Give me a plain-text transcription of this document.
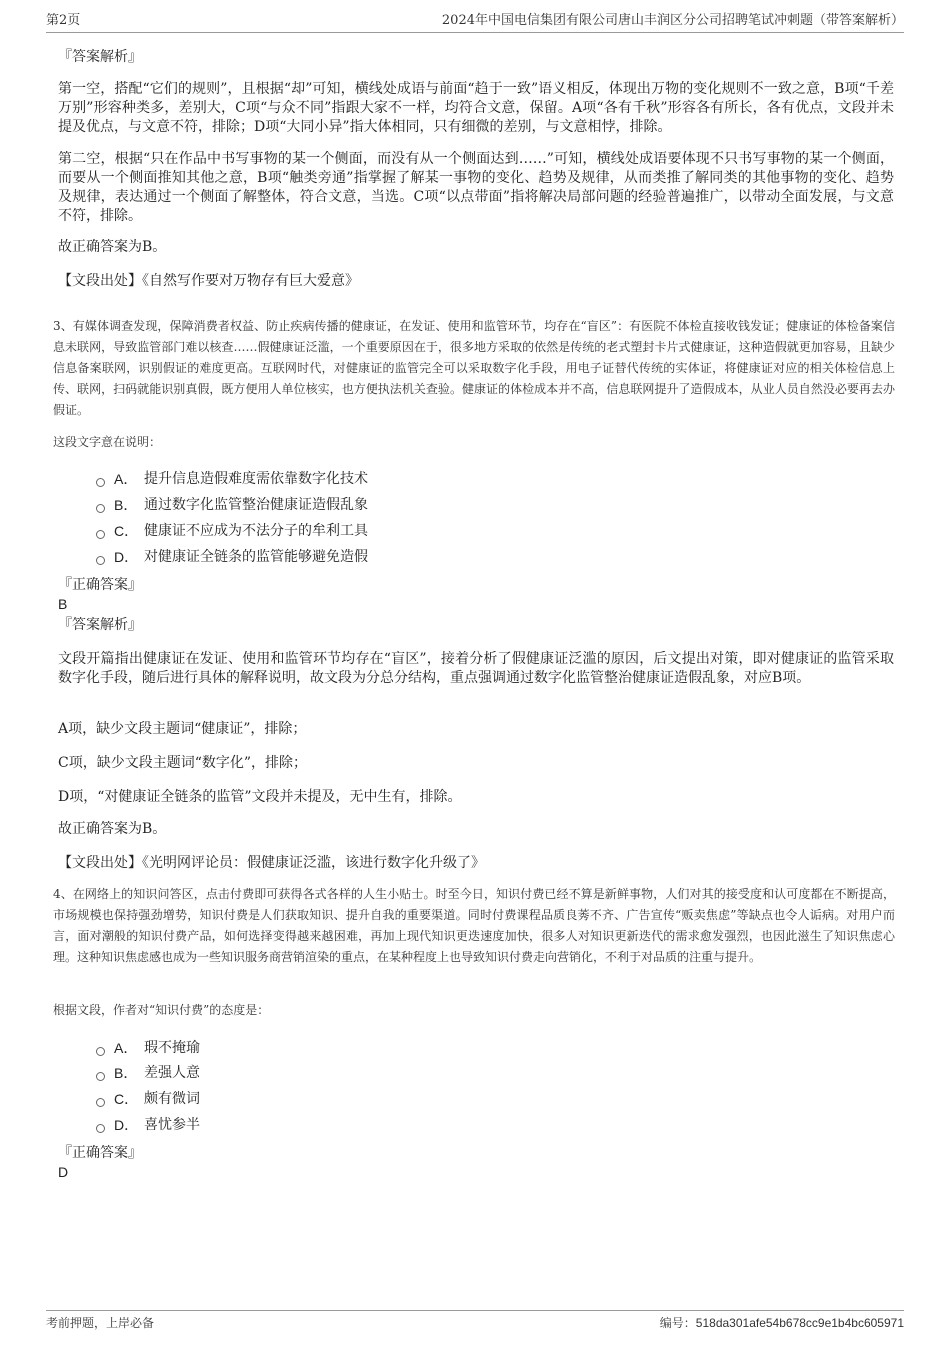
第2页	2024年中国电信集团有限公司唐山丰润区分公司招聘笔试冲刺题（带答案解析）
『答案解析』
第一空，搭配“它们的规则”，且根据“却”可知，横线处成语与前面“趋于一致”语义相反，体现出万物的变化规则不一致之意，B项“千差万别”形容种类多，差别大，C项“与众不同”指跟大家不一样，均符合文意，保留。A项“各有千秋”形容各有所长，各有优点，文段并未提及优点，与文意不符，排除；D项“大同小异”指大体相同，只有细微的差别，与文意相悖，排除。
第二空，根据“只在作品中书写事物的某一个侧面，而没有从一个侧面达到……”可知，横线处成语要体现不只书写事物的某一个侧面，而要从一个侧面推知其他之意，B项“触类旁通”指掌握了解某一事物的变化、趋势及规律，从而类推了解同类的其他事物的变化、趋势及规律，表达通过一个侧面了解整体，符合文意，当选。C项“以点带面”指将解决局部问题的经验普遍推广，以带动全面发展，与文意不符，排除。
故正确答案为B。
【文段出处】《自然写作要对万物存有巨大爱意》
3、有媒体调查发现，保障消费者权益、防止疾病传播的健康证，在发证、使用和监管环节，均存在“盲区”：有医院不体检直接收钱发证；健康证的体检备案信息未联网，导致监管部门难以核查……假健康证泛滥，一个重要原因在于，很多地方采取的依然是传统的老式塑封卡片式健康证，这种造假就更加容易，且缺少信息备案联网，识别假证的难度更高。互联网时代，对健康证的监管完全可以采取数字化手段，用电子证替代传统的实体证，将健康证对应的相关体检信息上传、联网，扫码就能识别真假，既方便用人单位核实，也方便执法机关查验。健康证的体检成本并不高，信息联网提升了造假成本，从业人员自然没必要再去办假证。
这段文字意在说明：
A． 提升信息造假难度需依靠数字化技术
B． 通过数字化监管整治健康证造假乱象
C． 健康证不应成为不法分子的牟利工具
D． 对健康证全链条的监管能够避免造假
『正确答案』
B
『答案解析』
文段开篇指出健康证在发证、使用和监管环节均存在“盲区”，接着分析了假健康证泛滥的原因，后文提出对策，即对健康证的监管采取数字化手段，随后进行具体的解释说明，故文段为分总分结构，重点强调通过数字化监管整治健康证造假乱象，对应B项。
A项，缺少文段主题词“健康证”，排除；
C项，缺少文段主题词“数字化”，排除；
D项，“对健康证全链条的监管”文段并未提及，无中生有，排除。
故正确答案为B。
【文段出处】《光明网评论员：假健康证泛滥，该进行数字化升级了》
4、在网络上的知识问答区，点击付费即可获得各式各样的人生小贴士。时至今日，知识付费已经不算是新鲜事物，人们对其的接受度和认可度都在不断提高，市场规模也保持强劲增势，知识付费是人们获取知识、提升自我的重要渠道。同时付费课程品质良莠不齐、广告宣传“贩卖焦虑”等缺点也令人诟病。对用户而言，面对潮般的知识付费产品，如何选择变得越来越困难，再加上现代知识更迭速度加快，很多人对知识更新迭代的需求愈发强烈，也因此滋生了知识焦虑心理。这种知识焦虑感也成为一些知识服务商营销渲染的重点，在某种程度上也导致知识付费走向营销化，不利于对品质的注重与提升。
根据文段，作者对“知识付费”的态度是：
A． 瑕不掩瑜
B． 差强人意
C． 颇有微词
D． 喜忧参半
『正确答案』
D
考前押题，上岸必备	编号：518da301afe54b678cc9e1b4bc605971
